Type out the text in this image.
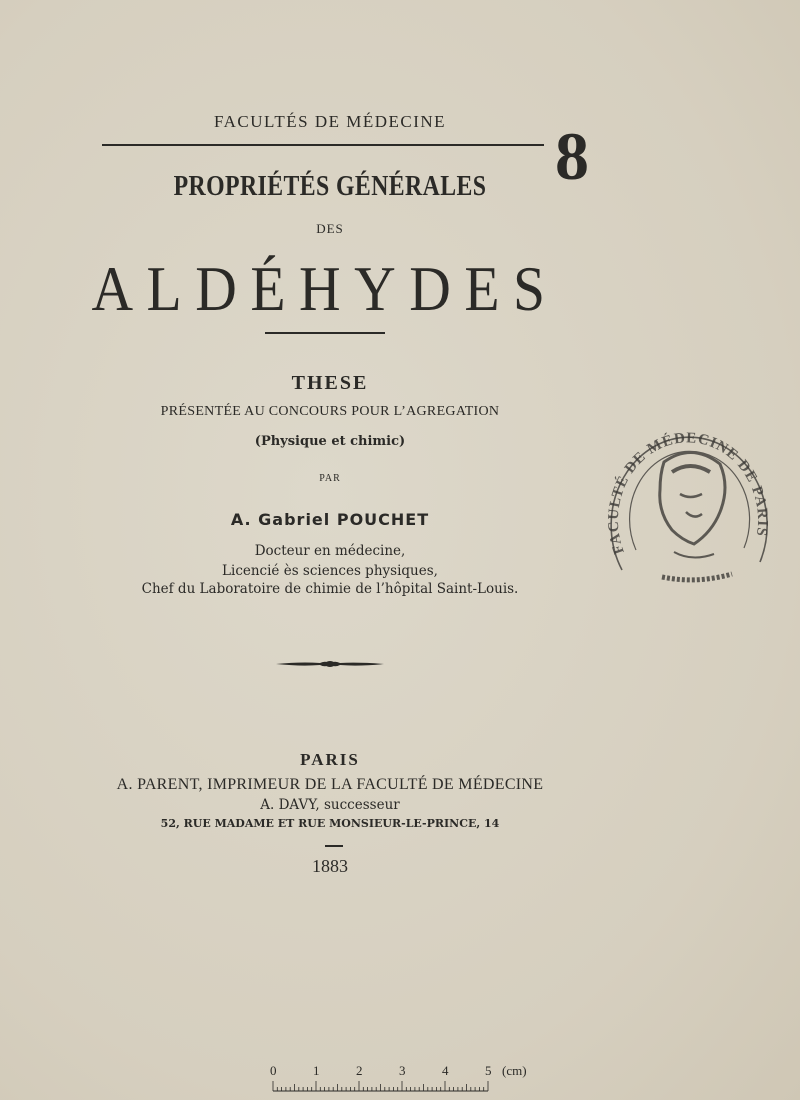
FACULTÉS DE MÉDECINE	8
PROPRIÉTÉS GÉNÉRALES
DES
ALDÉHYDES
THESE
PRÉSENTÉE AU CONCOURS POUR L’AGREGATION
(Physique et chimic)
PAR
A. Gabriel POUCHET
Docteur en médecine,
Licencié ès sciences physiques,
Chef du Laboratoire de chimie de l’hôpital Saint-Louis.
PARIS
A. PARENT, IMPRIMEUR DE LA FACULTÉ DE MÉDECINE
A. DAVY, successeur
52, RUE MADAME ET RUE MONSIEUR-LE-PRINCE, 14
1883
FACULTÉ DE MÉDECINE DE PARIS
0	1	2	3	4	5 (cm)
